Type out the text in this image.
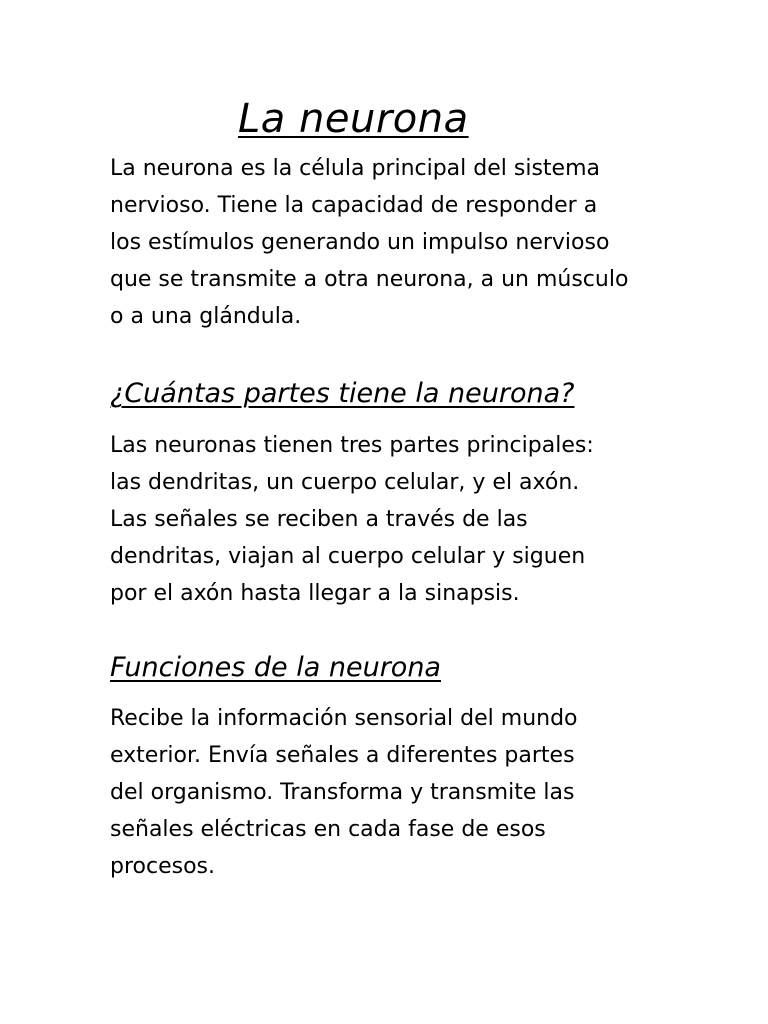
La neurona

La neurona es la célula principal del sistema
nervioso. Tiene la capacidad de responder a
los estímulos generando un impulso nervioso
que se transmite a otra neurona, a un músculo
o a una glándula.

¿Cuántas partes tiene la neurona?

Las neuronas tienen tres partes principales:
las dendritas, un cuerpo celular, y el axón.
Las señales se reciben a través de las
dendritas, viajan al cuerpo celular y siguen
por el axón hasta llegar a la sinapsis.

Funciones de la neurona

Recibe la información sensorial del mundo
exterior. Envía señales a diferentes partes
del organismo. Transforma y transmite las
señales eléctricas en cada fase de esos
procesos.
